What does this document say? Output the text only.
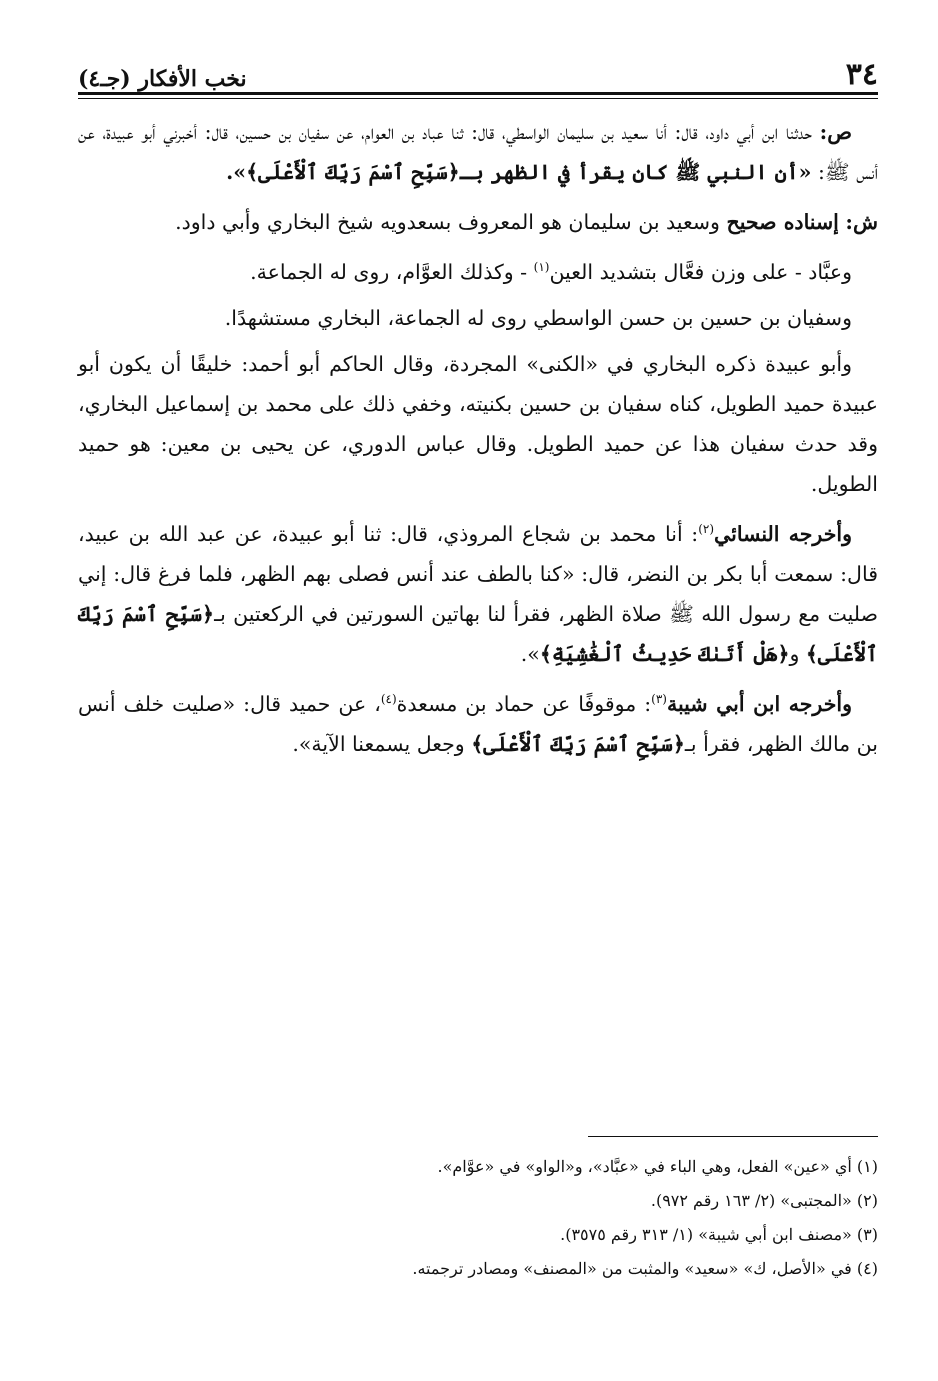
٣٤
نخب الأفكار (جـ٤)

ص: حدثنا ابن أبي داود، قال: أنا سعيد بن سليمان الواسطي، قال: ثنا عباد بن العوام، عن سفيان بن حسين، قال: أخبرني أبو عبيدة، عن أنس ﷺ: «أن النبي ﷺ كان يقرأ في الظهر بـ﴿سَبِّحِ ٱسْمَ رَبِّكَ ٱلْأَعْلَى﴾».

ش: إسناده صحيح وسعيد بن سليمان هو المعروف بسعدويه شيخ البخاري وأبي داود.

وعبَّاد - على وزن فعَّال بتشديد العين$^{(١)}$ - وكذلك العوَّام، روى له الجماعة.

وسفيان بن حسين بن حسن الواسطي روى له الجماعة، البخاري مستشهدًا.

وأبو عبيدة ذكره البخاري في «الكنى» المجردة، وقال الحاكم أبو أحمد: خليقًا أن يكون أبو عبيدة حميد الطويل، كناه سفيان بن حسين بكنيته، وخفي ذلك على محمد بن إسماعيل البخاري، وقد حدث سفيان هذا عن حميد الطويل. وقال عباس الدوري، عن يحيى بن معين: هو حميد الطويل.

وأخرجه النسائي$^{(٢)}$: أنا محمد بن شجاع المروذي، قال: ثنا أبو عبيدة، عن عبد الله بن عبيد، قال: سمعت أبا بكر بن النضر، قال: «كنا بالطف عند أنس فصلى بهم الظهر، فلما فرغ قال: إني صليت مع رسول الله ﷺ صلاة الظهر، فقرأ لنا بهاتين السورتين في الركعتين بـ﴿سَبِّحِ ٱسْمَ رَبِّكَ ٱلْأَعْلَى﴾ و﴿هَلْ أَتَىٰكَ حَدِيثُ ٱلْغَٰشِيَةِ﴾».

وأخرجه ابن أبي شيبة$^{(٣)}$: موقوفًا عن حماد بن مسعدة$^{(٤)}$، عن حميد قال: «صليت خلف أنس بن مالك الظهر، فقرأ بـ﴿سَبِّحِ ٱسْمَ رَبِّكَ ٱلْأَعْلَى﴾ وجعل يسمعنا الآية».

(١) أي «عين» الفعل، وهي الباء في «عبَّاد»، و«الواو» في «عوَّام».
(٢) «المجتبى» (٢/ ١٦٣ رقم ٩٧٢).
(٣) «مصنف ابن أبي شيبة» (١/ ٣١٣ رقم ٣٥٧٥).
(٤) في «الأصل، ك» «سعيد» والمثبت من «المصنف» ومصادر ترجمته.
